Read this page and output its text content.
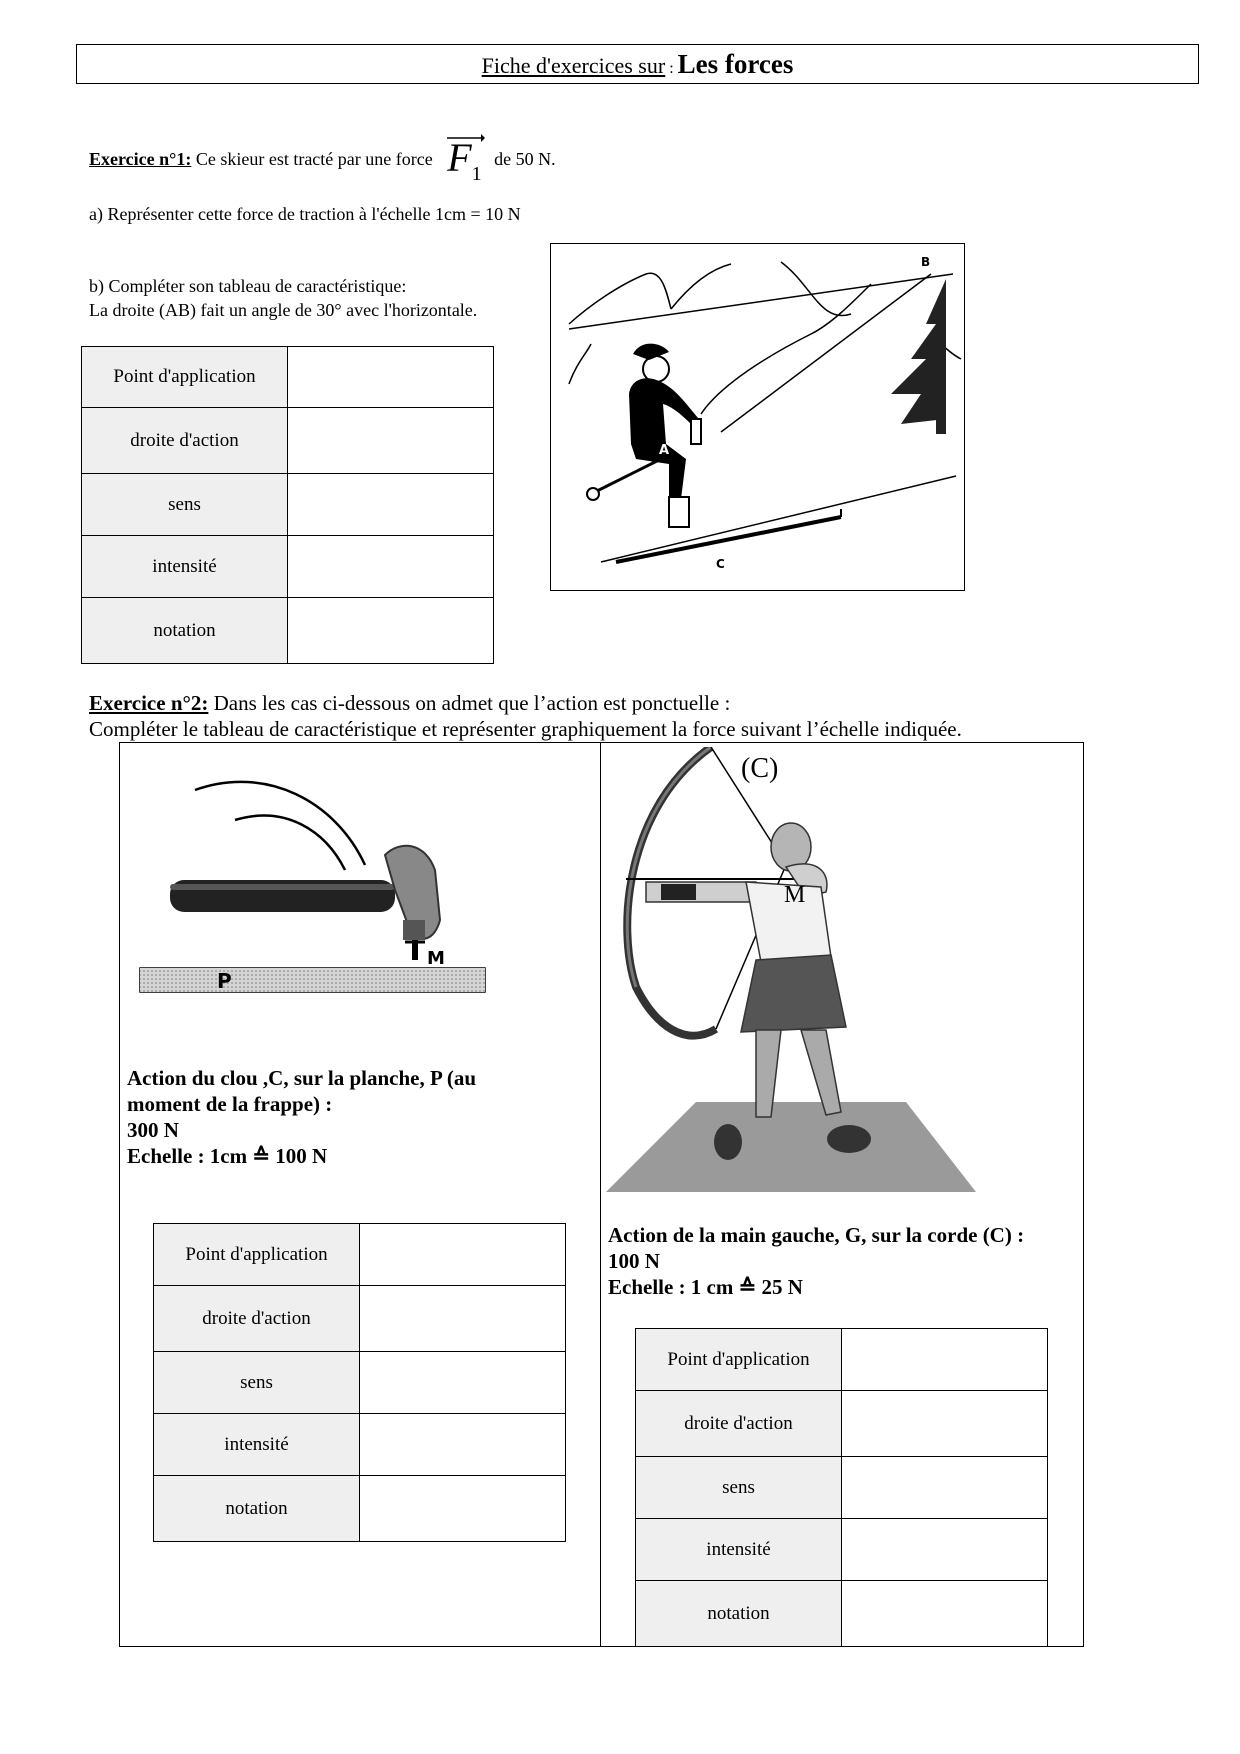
Fiche d'exercices sur : Les forces
Exercice n°1: Ce skieur est tracté par une force $F_1$ de 50 N.
a) Représenter cette force de traction à l'échelle 1cm = 10 N
b) Compléter son tableau de caractéristique:
La droite (AB) fait un angle de 30° avec l'horizontale.
Point d'application	
droite d'action	
sens	
intensité	
notation	
A
B
C
Exercice n°2: Dans les cas ci-dessous on admet que l’action est ponctuelle :
Compléter le tableau de caractéristique et représenter graphiquement la force suivant l’échelle indiquée.
P
M
Action du clou ,C, sur la planche, P (au
moment de la frappe) :
300 N
Echelle : 1cm ≙ 100 N
Point d'application	
droite d'action	
sens	
intensité	
notation	
(C)
M
Action de la main gauche, G, sur la corde (C) :
100 N
Echelle : 1 cm ≙ 25 N
Point d'application	
droite d'action	
sens	
intensité	
notation	
